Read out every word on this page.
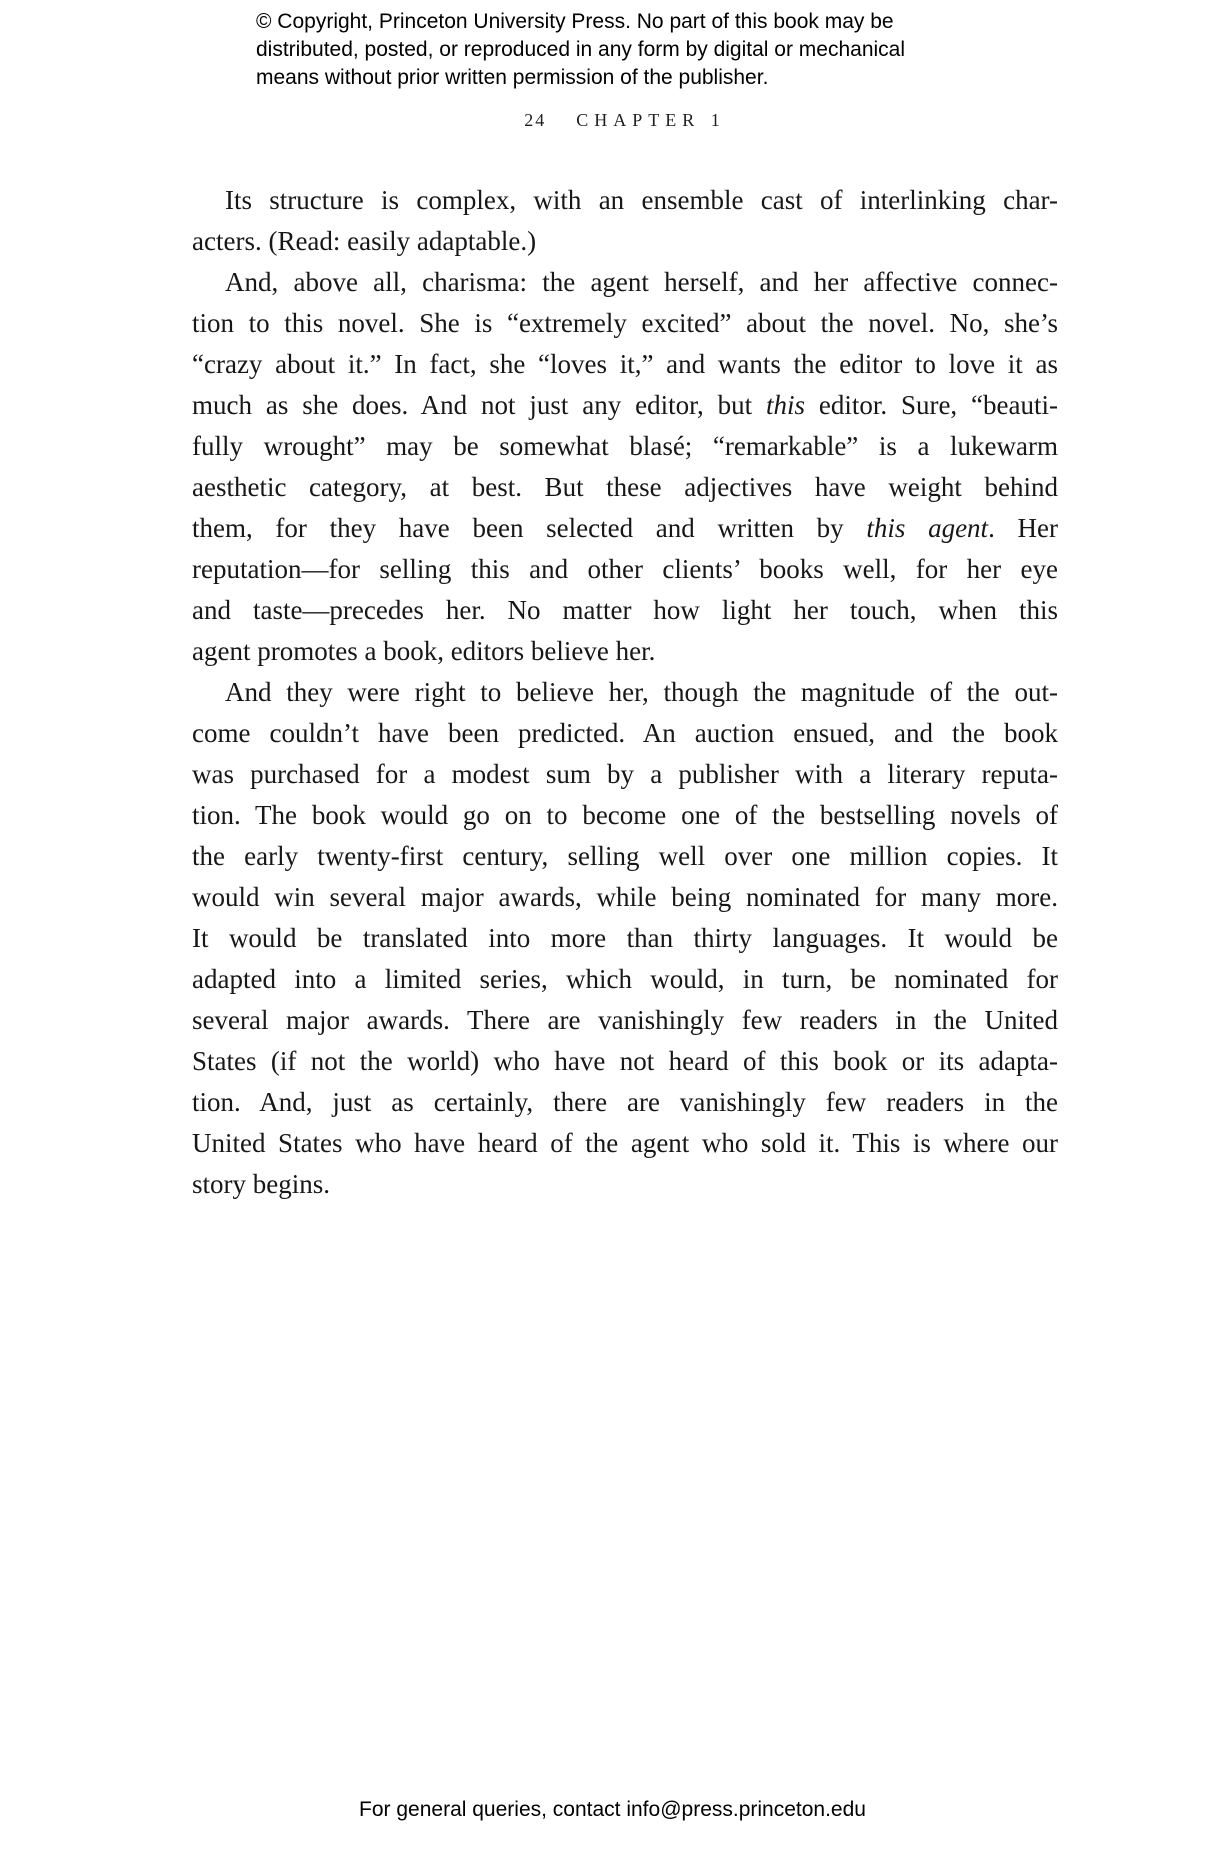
© Copyright, Princeton University Press. No part of this book may be
distributed, posted, or reproduced in any form by digital or mechanical
means without prior written permission of the publisher.
24 CHAPTER 1
Its structure is complex, with an ensemble cast of interlinking char-
acters. (Read: easily adaptable.)
And, above all, charisma: the agent herself, and her affective connec-
tion to this novel. She is “extremely excited” about the novel. No, she’s
“crazy about it.” In fact, she “loves it,” and wants the editor to love it as
much as she does. And not just any editor, but this editor. Sure, “beauti-
fully wrought” may be somewhat blasé; “remarkable” is a lukewarm
aesthetic category, at best. But these adjectives have weight behind
them, for they have been selected and written by this agent. Her
reputation—for selling this and other clients’ books well, for her eye
and taste—precedes her. No matter how light her touch, when this
agent promotes a book, editors believe her.
And they were right to believe her, though the magnitude of the out-
come couldn’t have been predicted. An auction ensued, and the book
was purchased for a modest sum by a publisher with a literary reputa-
tion. The book would go on to become one of the bestselling novels of
the early twenty-first century, selling well over one million copies. It
would win several major awards, while being nominated for many more.
It would be translated into more than thirty languages. It would be
adapted into a limited series, which would, in turn, be nominated for
several major awards. There are vanishingly few readers in the United
States (if not the world) who have not heard of this book or its adapta-
tion. And, just as certainly, there are vanishingly few readers in the
United States who have heard of the agent who sold it. This is where our
story begins.
For general queries, contact info@press.princeton.edu
